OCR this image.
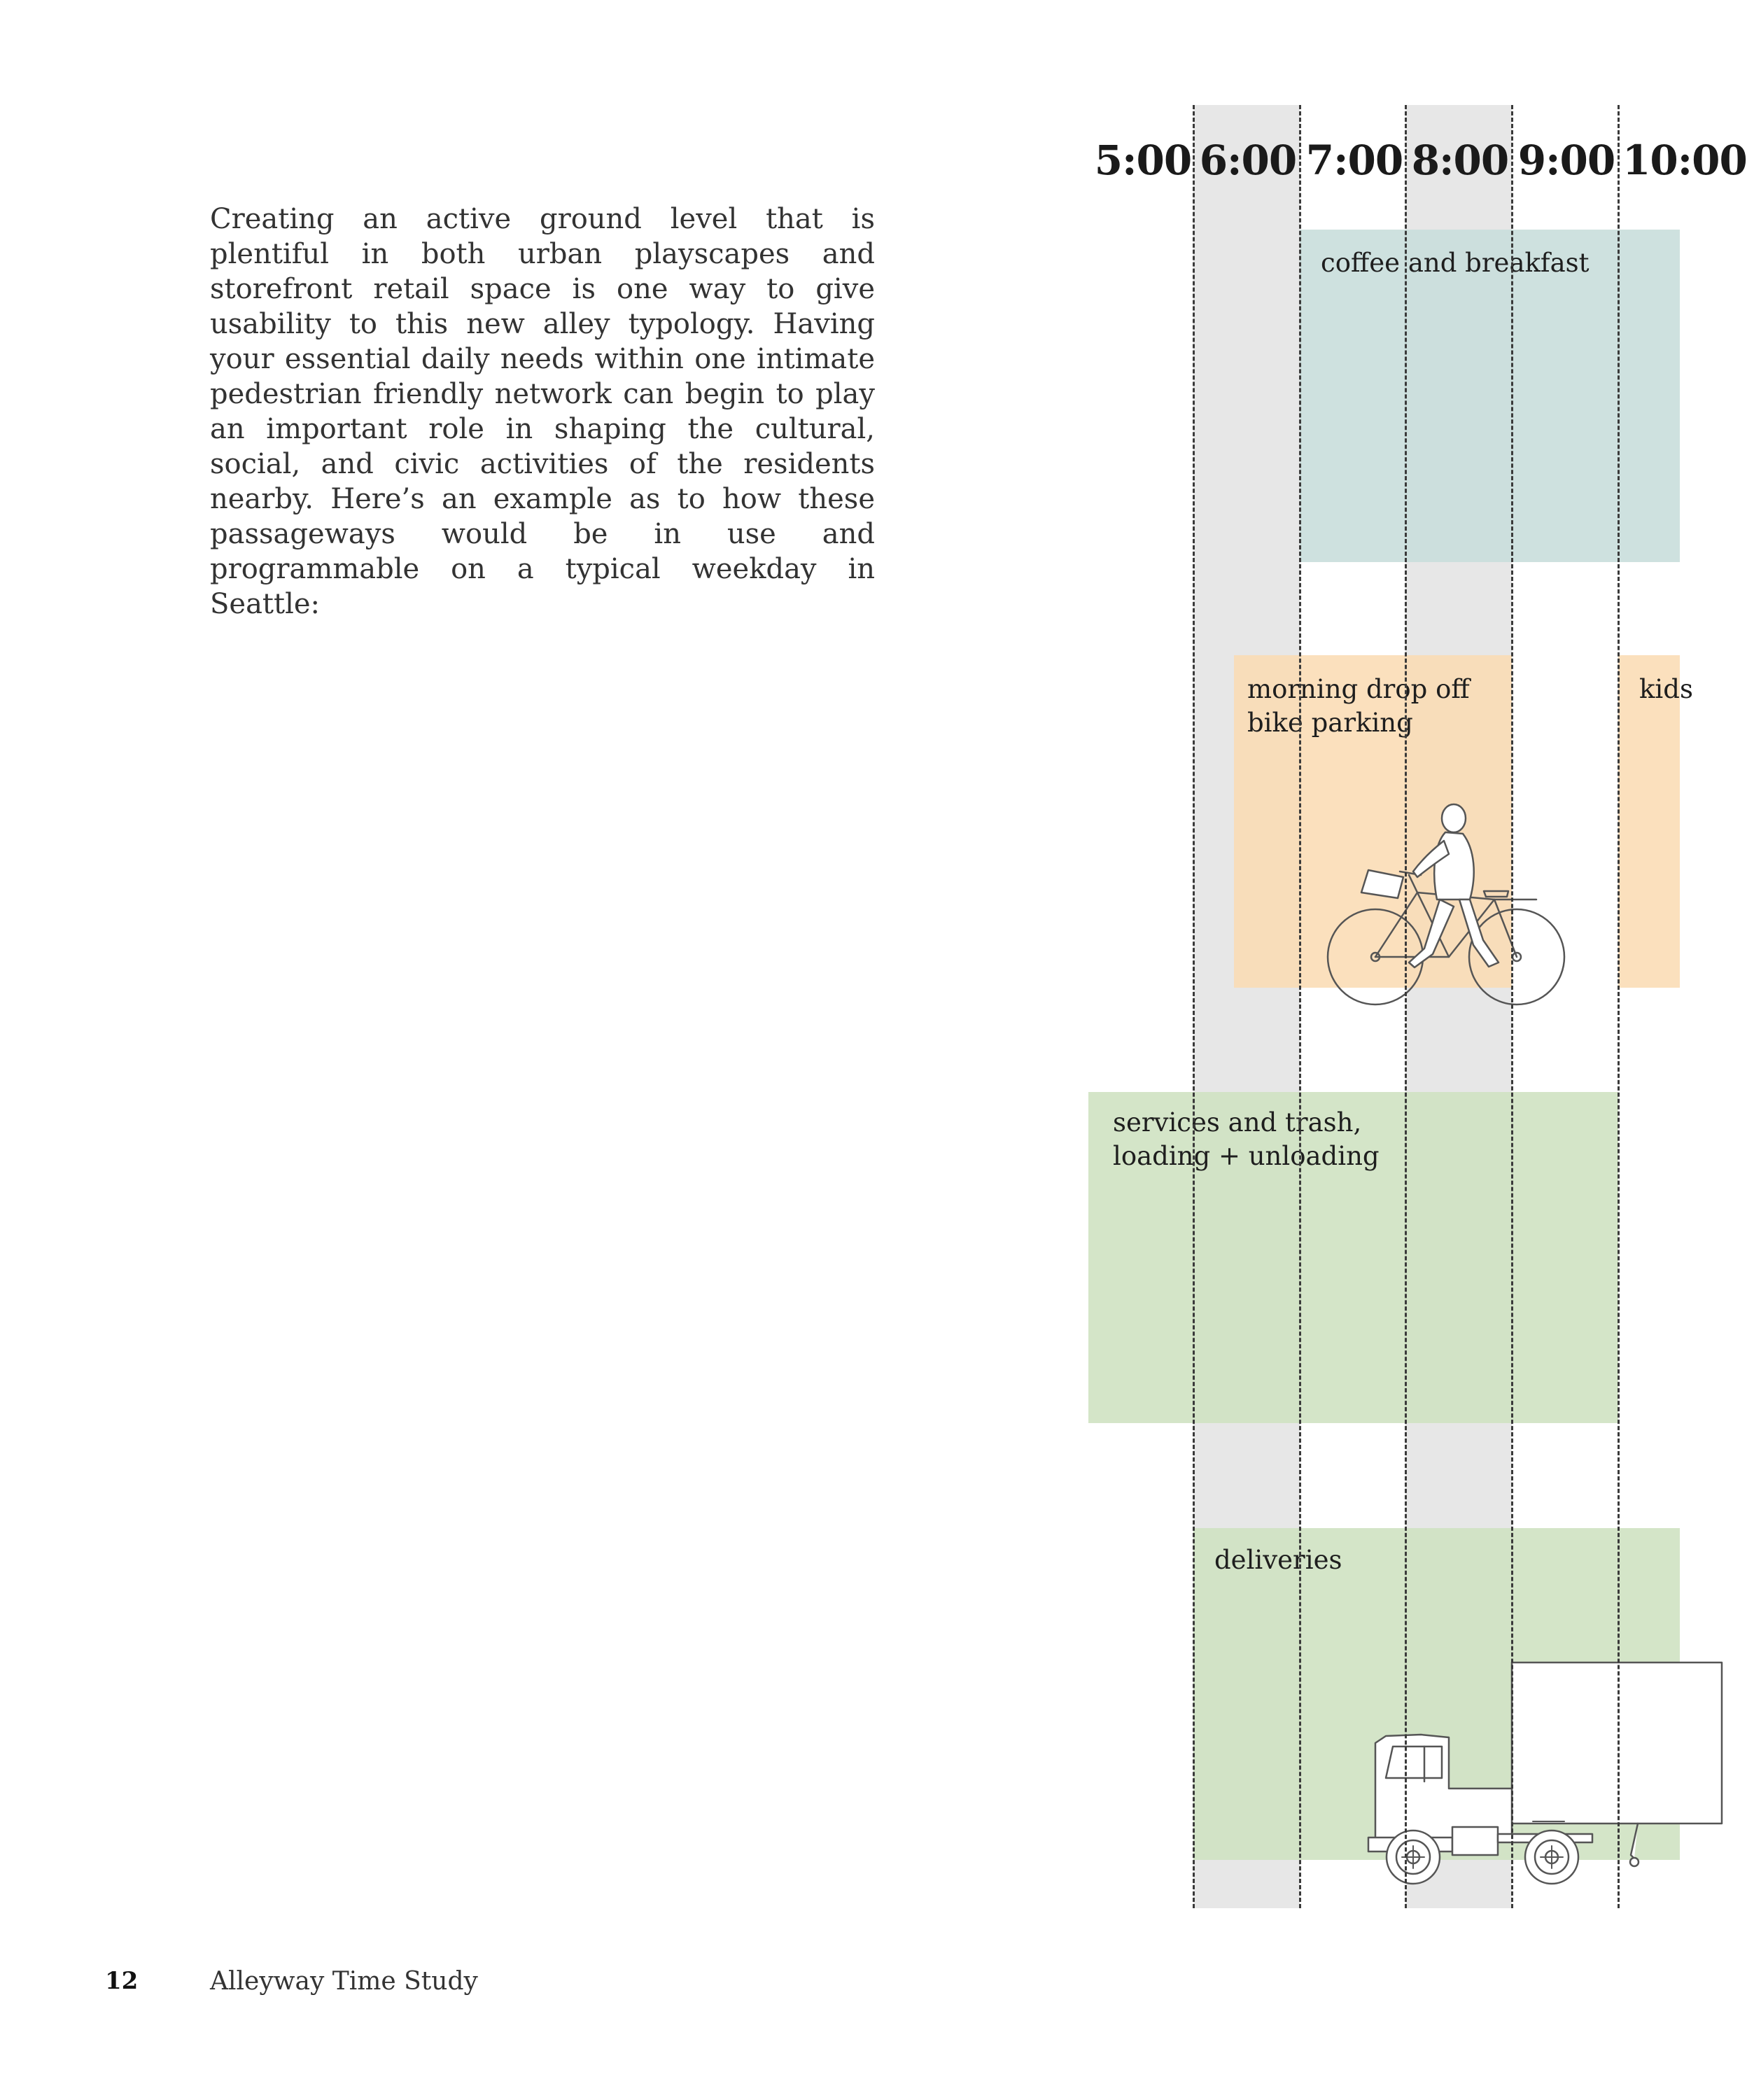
Creating an active ground level that is plentiful in both urban playscapes and storefront retail space is one way to give usability to this new alley typology. Having your essential daily needs within one intimate pedestrian friendly network can begin to play an important role in shaping the cultural, social, and civic activities of the residents nearby. Here’s an example as to how these passageways would be in use and programmable on a typical weekday in Seattle:

coffee and breakfast
morning drop off
bike parking
kids
services and trash,
loading + unloading
deliveries
5:00 6:00 7:00 8:00 9:00 10:00
12	Alleyway Time Study
